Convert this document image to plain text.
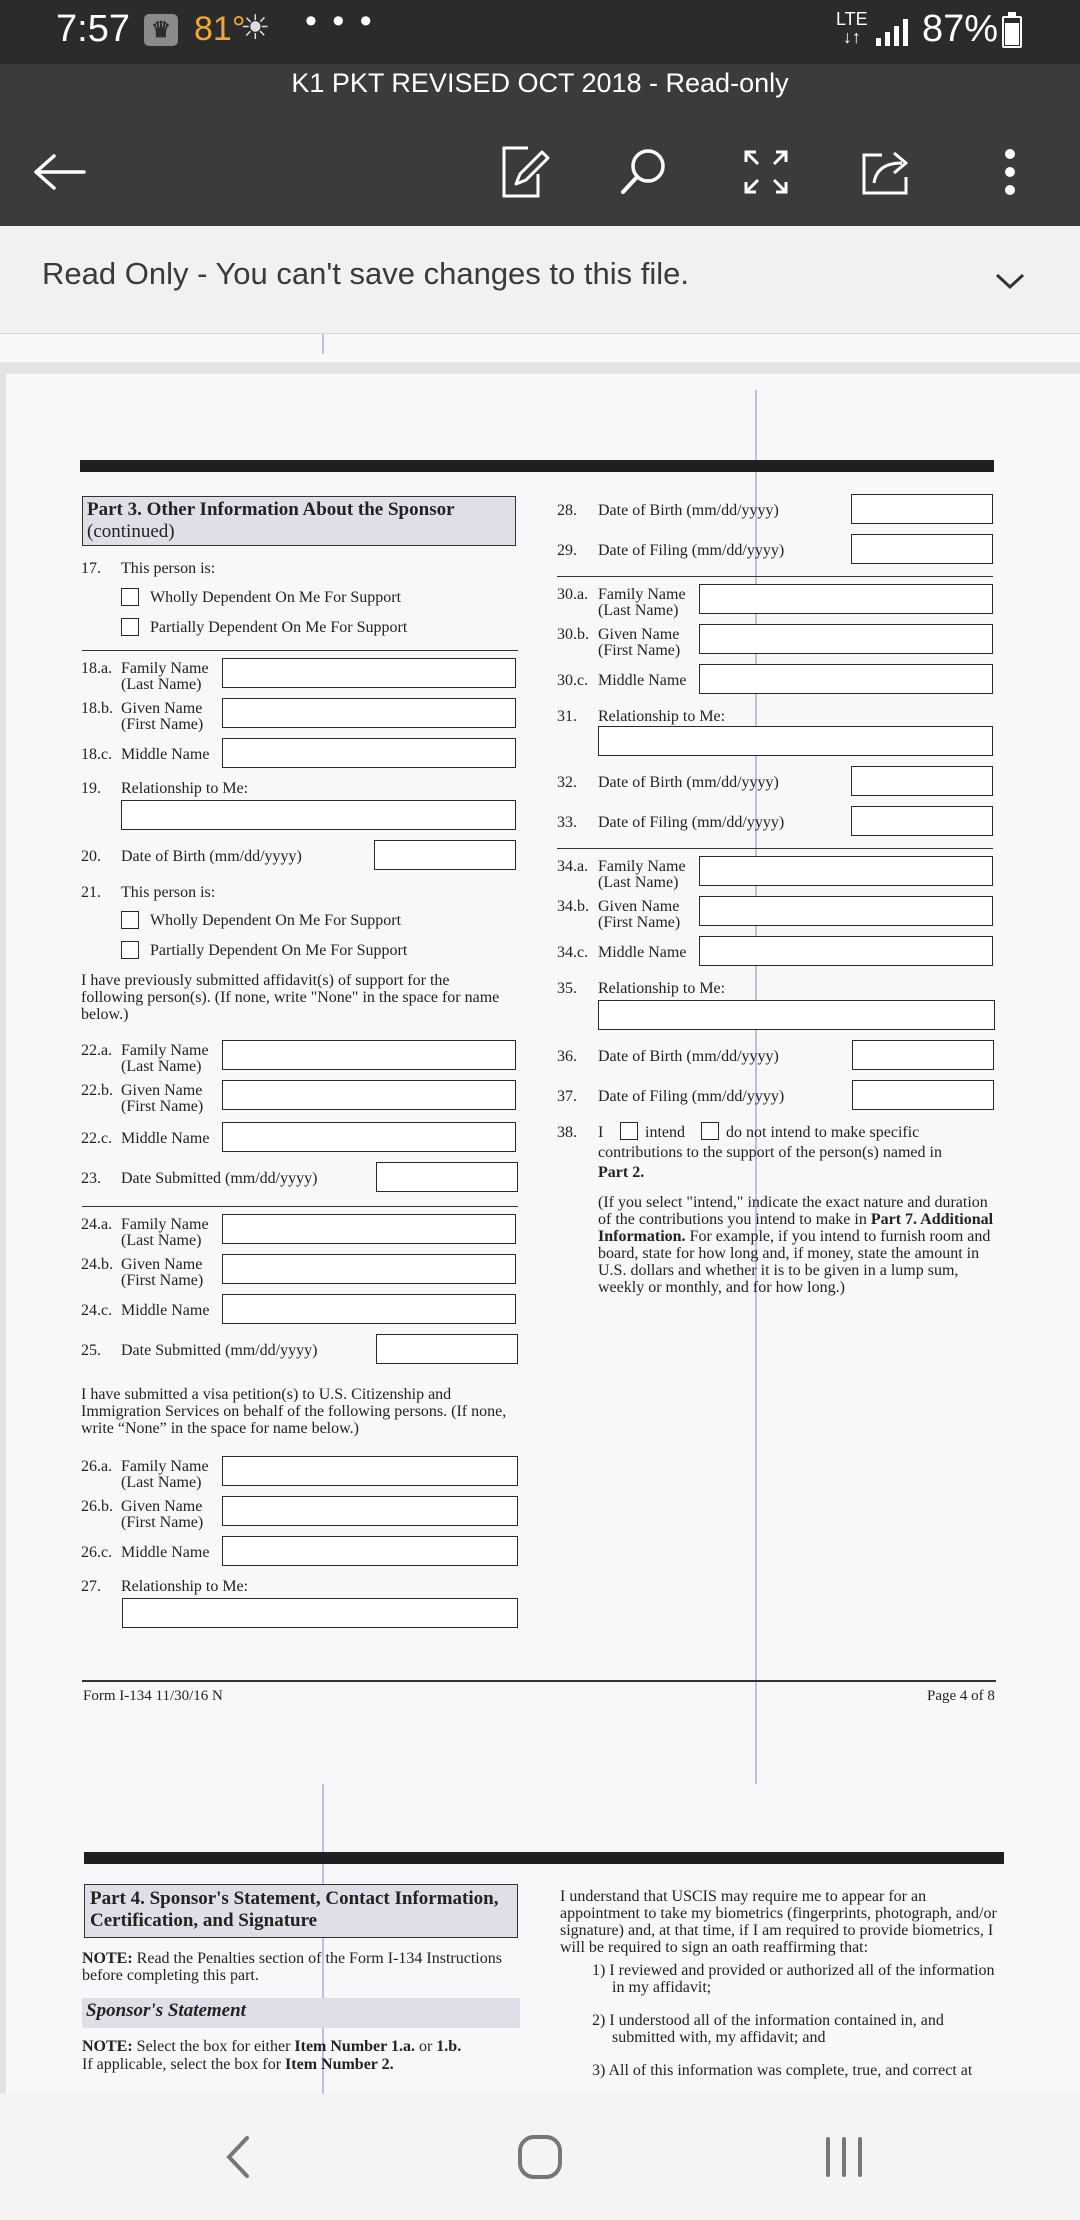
7:57 ♛ 81°
☀ • • •	LTE
↓↑ 87%
K1 PKT REVISED OCT 2018 - Read-only
Read Only - You can't save changes to this file.
Part 3. Other Information About the Sponsor
(continued)
17. This person is:
Wholly Dependent On Me For Support
Partially Dependent On Me For Support
18.a. Family Name
(Last Name)
18.b. Given Name
(First Name)
18.c. Middle Name
19. Relationship to Me:
20. Date of Birth (mm/dd/yyyy)
21. This person is:
Wholly Dependent On Me For Support
Partially Dependent On Me For Support
I have previously submitted affidavit(s) of support for the following person(s). (If none, write "None" in the space for name below.)
22.a. Family Name
(Last Name)
22.b. Given Name
(First Name)
22.c. Middle Name
23. Date Submitted (mm/dd/yyyy)
24.a. Family Name
(Last Name)
24.b. Given Name
(First Name)
24.c. Middle Name
25. Date Submitted (mm/dd/yyyy)
I have submitted a visa petition(s) to U.S. Citizenship and Immigration Services on behalf of the following persons. (If none, write “None” in the space for name below.)
26.a. Family Name
(Last Name)
26.b. Given Name
(First Name)
26.c. Middle Name
27. Relationship to Me:
28. Date of Birth (mm/dd/yyyy)
29. Date of Filing (mm/dd/yyyy)
30.a. Family Name
(Last Name)
30.b. Given Name
(First Name)
30.c. Middle Name
31. Relationship to Me:
32. Date of Birth (mm/dd/yyyy)
33. Date of Filing (mm/dd/yyyy)
34.a. Family Name
(Last Name)
34.b. Given Name
(First Name)
34.c. Middle Name
35. Relationship to Me:
36. Date of Birth (mm/dd/yyyy)
37. Date of Filing (mm/dd/yyyy)
38. I	intend	do not intend to make specific
contributions to the support of the person(s) named in
Part 2.
(If you select "intend," indicate the exact nature and duration of the contributions you intend to make in Part 7. Additional Information. For example, if you intend to furnish room and board, state for how long and, if money, state the amount in U.S. dollars and whether it is to be given in a lump sum, weekly or monthly, and for how long.)
Form I-134 11/30/16 N	Page 4 of 8
Part 4. Sponsor's Statement, Contact Information, Certification, and Signature
NOTE: Read the Penalties section of the Form I-134 Instructions before completing this part.
Sponsor's Statement
NOTE: Select the box for either Item Number 1.a. or 1.b.
If applicable, select the box for Item Number 2.
I understand that USCIS may require me to appear for an appointment to take my biometrics (fingerprints, photograph, and/or signature) and, at that time, if I am required to provide biometrics, I will be required to sign an oath reaffirming that:
1) I reviewed and provided or authorized all of the information in my affidavit;
2) I understood all of the information contained in, and submitted with, my affidavit; and
3) All of this information was complete, true, and correct at
